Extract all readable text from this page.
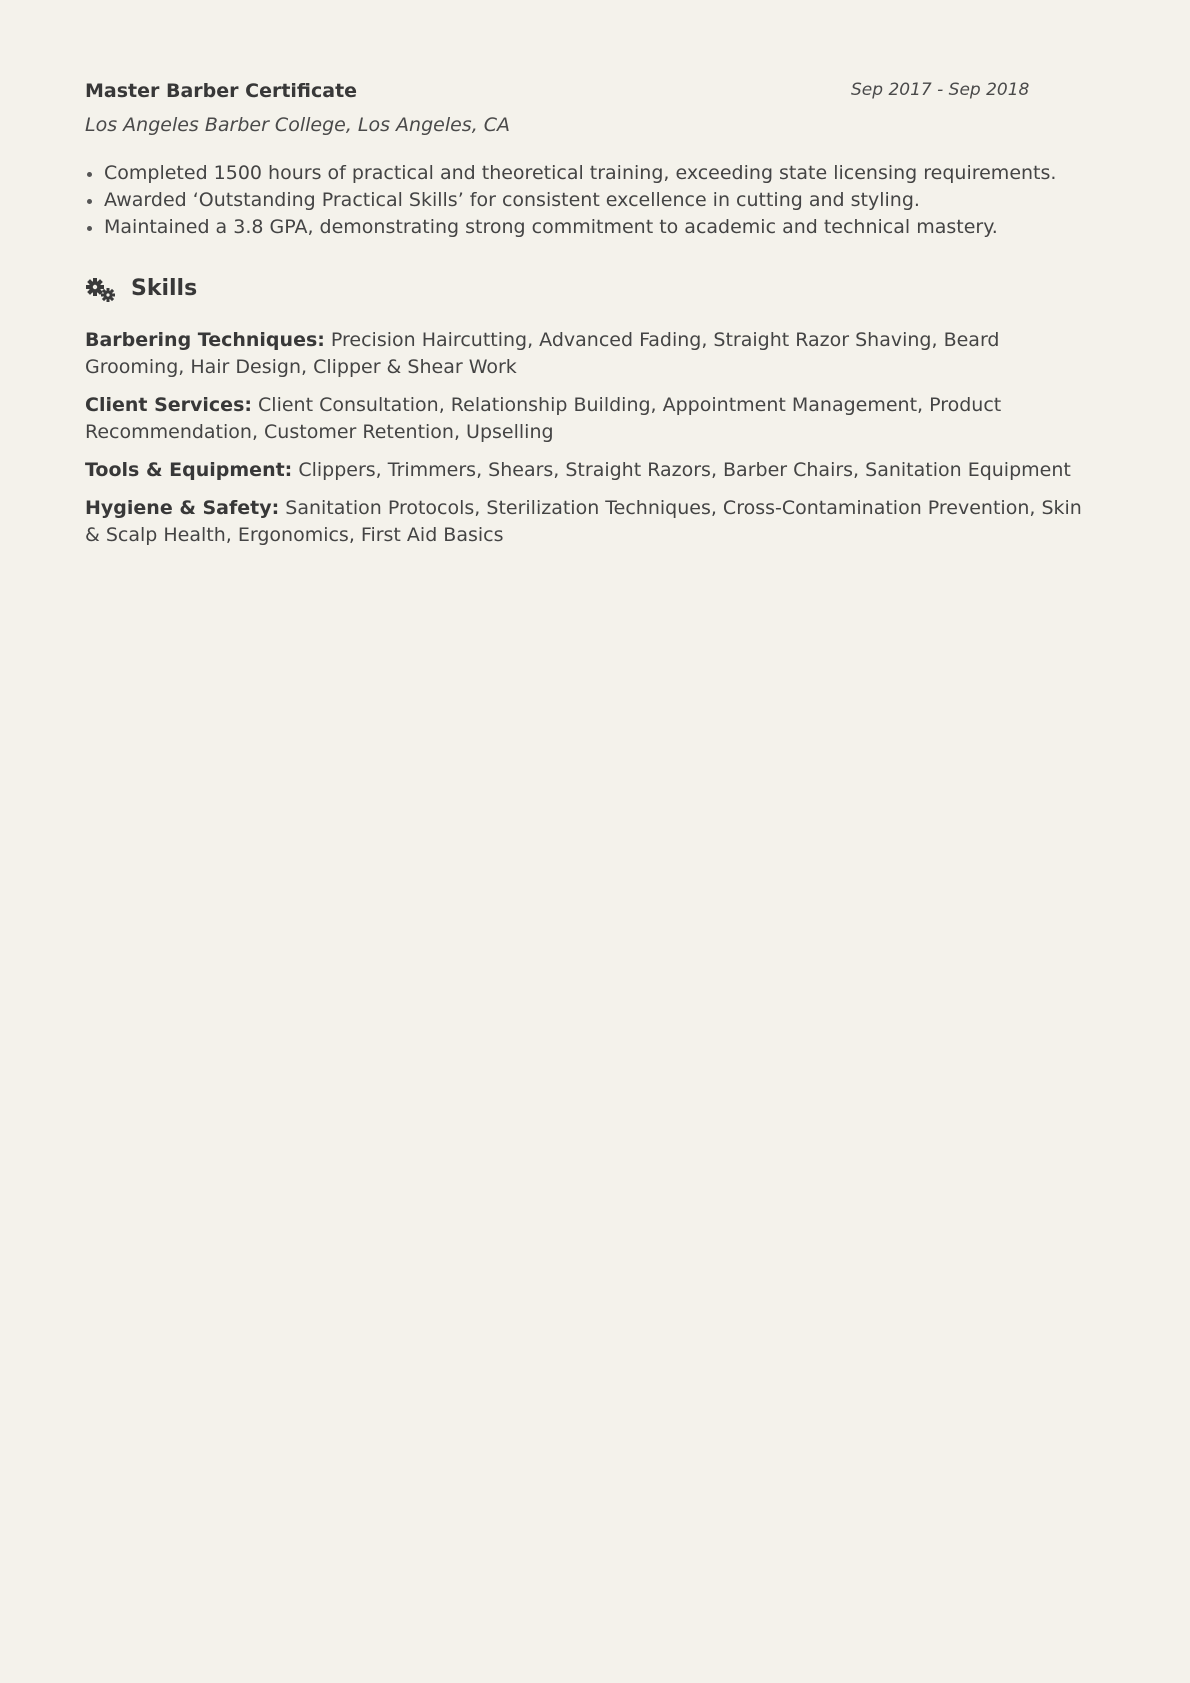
Master Barber Certificate	Sep 2017 - Sep 2018
Los Angeles Barber College, Los Angeles, CA
Completed 1500 hours of practical and theoretical training, exceeding state licensing requirements.
Awarded ‘Outstanding Practical Skills’ for consistent excellence in cutting and styling.
Maintained a 3.8 GPA, demonstrating strong commitment to academic and technical mastery.
Skills
Barbering Techniques: Precision Haircutting, Advanced Fading, Straight Razor Shaving, Beard Grooming, Hair Design, Clipper & Shear Work
Client Services: Client Consultation, Relationship Building, Appointment Management, Product Recommendation, Customer Retention, Upselling
Tools & Equipment: Clippers, Trimmers, Shears, Straight Razors, Barber Chairs, Sanitation Equipment
Hygiene & Safety: Sanitation Protocols, Sterilization Techniques, Cross-Contamination Prevention, Skin & Scalp Health, Ergonomics, First Aid Basics
